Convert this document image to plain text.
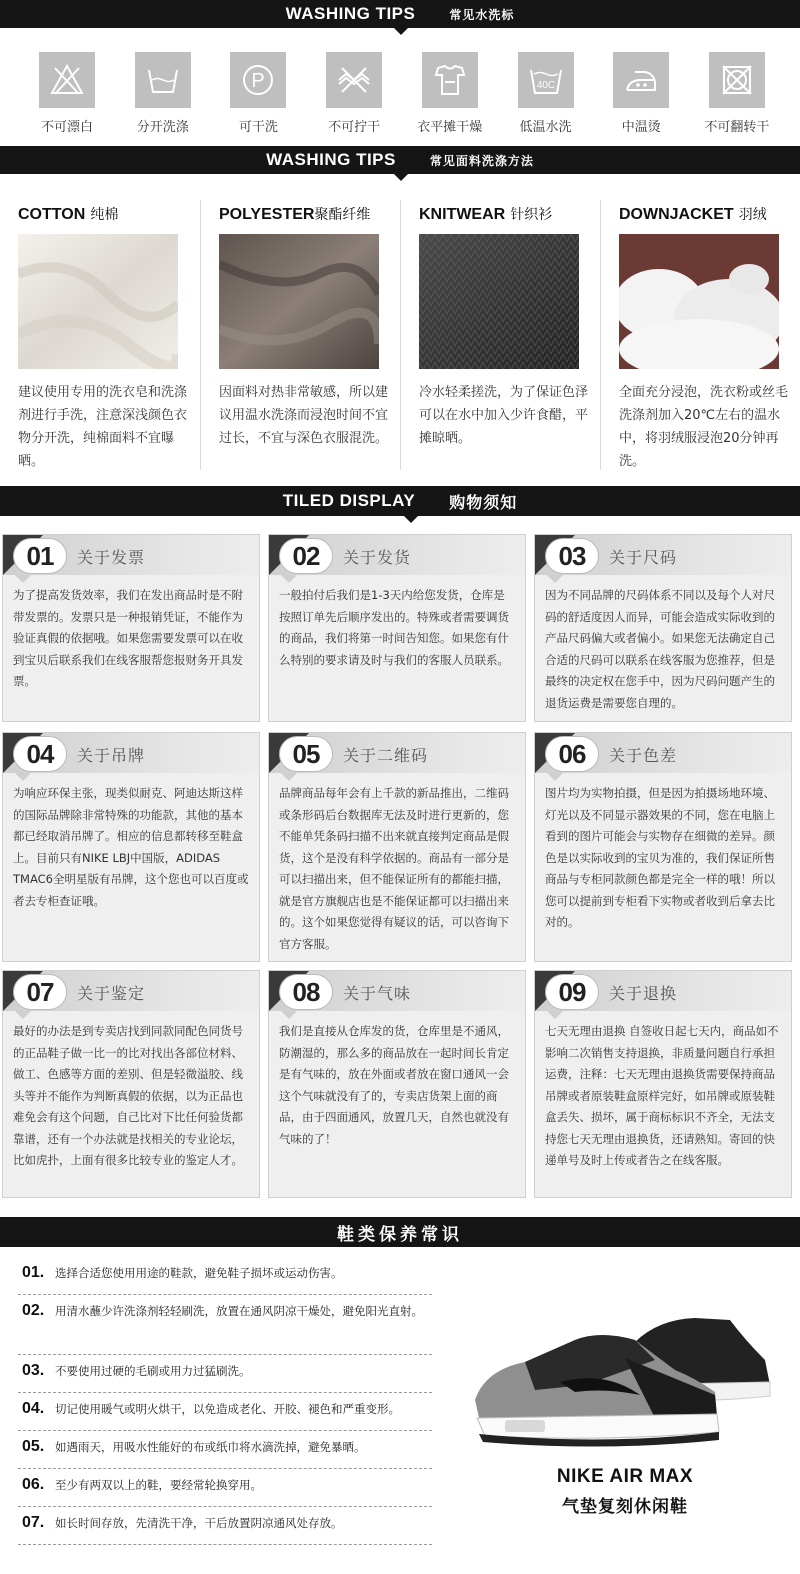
WASHING TIPS	常见水洗标
不可漂白	分开洗涤
P
可干洗	不可拧干	衣平摊干燥
40C
低温水洗	中温烫	不可翻转干
WASHING TIPS	常见面料洗涤方法
COTTON 纯棉
建议使用专用的洗衣皂和洗涤剂进行手洗，注意深浅颜色衣物分开洗，纯棉面料不宜曝晒。
POLYESTER聚酯纤维
因面料对热非常敏感，所以建议用温水洗涤而浸泡时间不宜过长，不宜与深色衣服混洗。
KNITWEAR 针织衫
冷水轻柔搓洗，为了保证色泽可以在水中加入少许食醋，平摊晾晒。
DOWNJACKET 羽绒
全面充分浸泡，洗衣粉或丝毛洗涤剂加入20℃左右的温水中，将羽绒服浸泡20分钟再洗。
TILED DISPLAY 购物须知
01	关于发票
为了提高发货效率，我们在发出商品时是不附带发票的。发票只是一种报销凭证，不能作为验证真假的依据哦。如果您需要发票可以在收到宝贝后联系我们在线客服帮您报财务开具发票。
02	关于发货
一般拍付后我们是1-3天内给您发货，仓库是按照订单先后顺序发出的。特殊或者需要调货的商品，我们将第一时间告知您。如果您有什么特别的要求请及时与我们的客服人员联系。
03	关于尺码
因为不同品牌的尺码体系不同以及每个人对尺码的舒适度因人而异，可能会造成实际收到的产品尺码偏大或者偏小。如果您无法确定自己合适的尺码可以联系在线客服为您推荐，但是最终的决定权在您手中，因为尺码问题产生的退货运费是需要您自理的。
04	关于吊牌
为响应环保主张，现类似耐克、阿迪达斯这样的国际品牌除非常特殊的功能款，其他的基本都已经取消吊牌了。相应的信息都转移至鞋盒上。目前只有NIKE LBJ中国版，ADIDAS TMAC6全明星版有吊牌，这个您也可以百度或者去专柜查证哦。
05	关于二维码
品牌商品每年会有上千款的新品推出，二维码或条形码后台数据库无法及时进行更新的，您不能单凭条码扫描不出来就直接判定商品是假货，这个是没有科学依据的。商品有一部分是可以扫描出来，但不能保证所有的都能扫描，就是官方旗舰店也是不能保证都可以扫描出来的。这个如果您觉得有疑议的话，可以咨询下官方客服。
06	关于色差
图片均为实物拍摄，但是因为拍摄场地环境、灯光以及不同显示器效果的不同，您在电脑上看到的图片可能会与实物存在细微的差异。颜色是以实际收到的宝贝为准的，我们保证所售商品与专柜同款颜色都是完全一样的哦！所以您可以提前到专柜看下实物或者收到后拿去比对的。
07	关于鉴定
最好的办法是到专卖店找到同款同配色同货号的正品鞋子做一比一的比对找出各部位材料、做工、色感等方面的差别、但是轻微溢胶、线头等并不能作为判断真假的依据，以为正品也难免会有这个问题，自己比对下比任何验货都靠谱，还有一个办法就是找相关的专业论坛，比如虎扑，上面有很多比较专业的鉴定人才。
08	关于气味
我们是直接从仓库发的货，仓库里是不通风，防潮湿的，那么多的商品放在一起时间长肯定是有气味的，放在外面或者放在窗口通风一会这个气味就没有了的，专卖店货架上面的商品，由于四面通风，放置几天，自然也就没有气味的了！
09	关于退换
七天无理由退换 自签收日起七天内，商品如不影响二次销售支持退换，非质量问题自行承担运费，注释：七天无理由退换货需要保持商品吊牌或者原装鞋盒原样完好，如吊牌或原装鞋盒丢失、损坏，属于商标标识不齐全，无法支持您七天无理由退换货，还请熟知。寄回的快递单号及时上传或者告之在线客服。
鞋类保养常识
01. 选择合适您使用用途的鞋款，避免鞋子损坏或运动伤害。
02. 用清水蘸少许洗涤剂轻轻刷洗，放置在通风阴凉干燥处，避免阳光直射。
03. 不要使用过硬的毛刷或用力过猛刷洗。
04. 切记使用暖气或明火烘干，以免造成老化、开胶、褪色和严重变形。
05. 如遇雨天，用吸水性能好的布或纸巾将水滴洗掉，避免暴晒。
06. 至少有两双以上的鞋，要经常轮换穿用。
07. 如长时间存放，先清洗干净，干后放置阴凉通风处存放。
NIKE AIR MAX
气垫复刻休闲鞋
